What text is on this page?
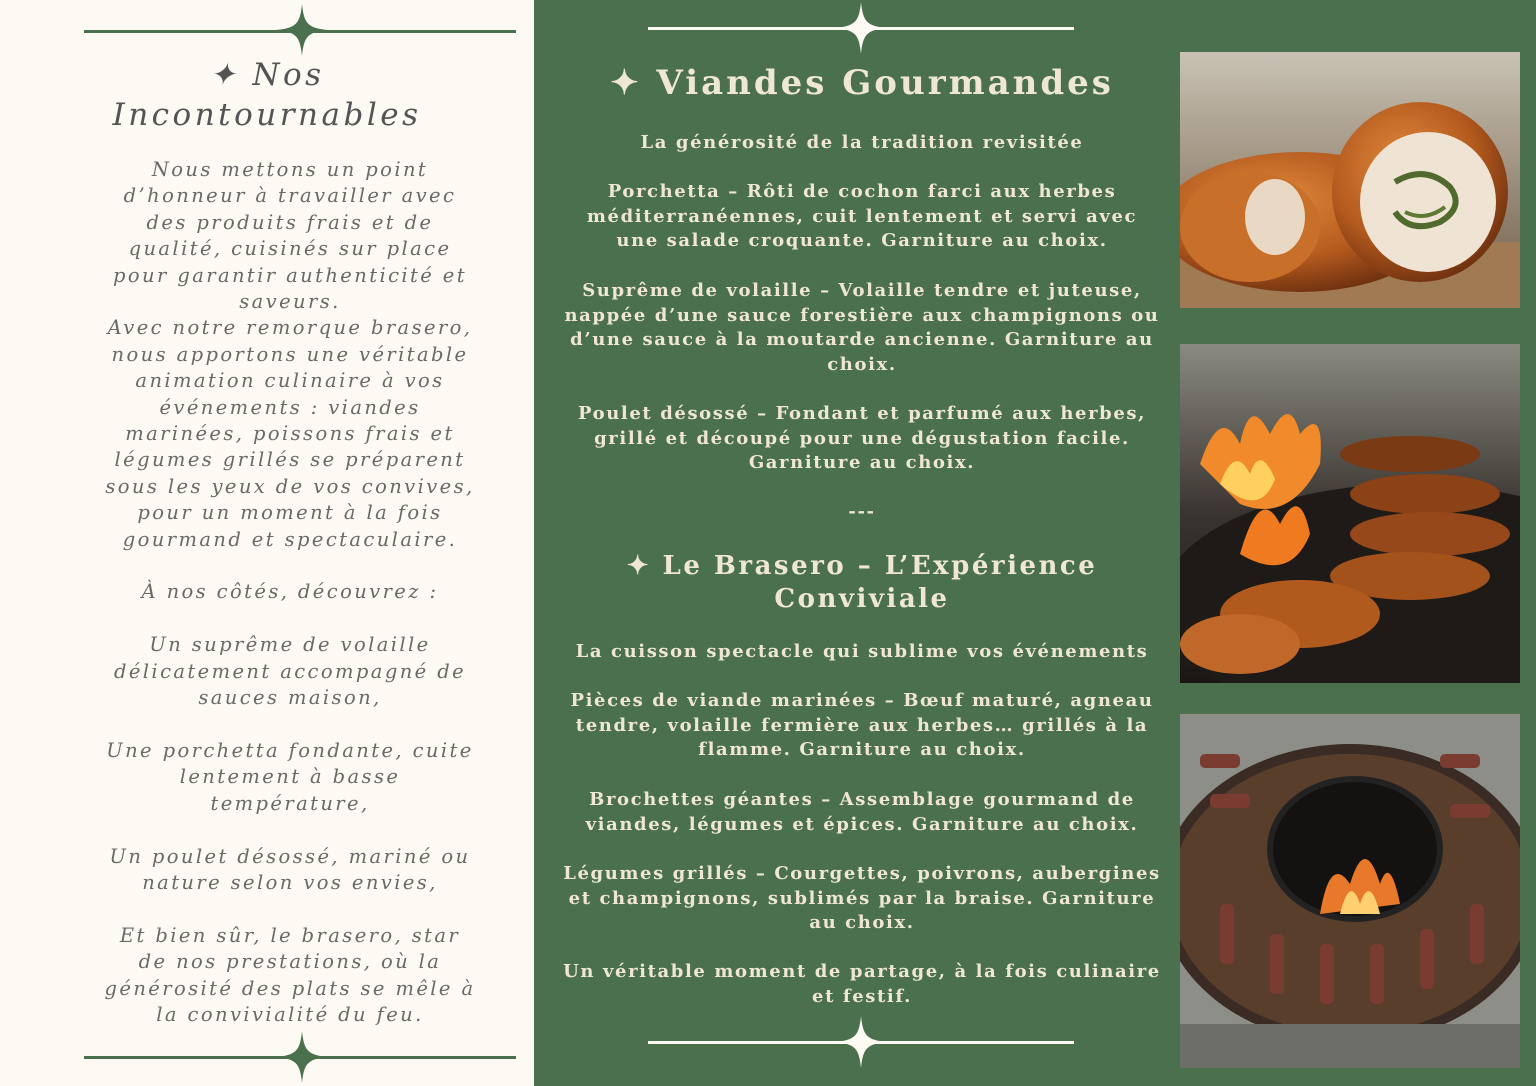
✦ Nos Incontournables

Nous mettons un point d’honneur à travailler avec des produits frais et de qualité, cuisinés sur place pour garantir authenticité et saveurs.

Avec notre remorque brasero, nous apportons une véritable animation culinaire à vos événements : viandes marinées, poissons frais et légumes grillés se préparent sous les yeux de vos convives, pour un moment à la fois gourmand et spectaculaire.

À nos côtés, découvrez :

Un suprême de volaille délicatement accompagné de sauces maison,

Une porchetta fondante, cuite lentement à basse température,

Un poulet désossé, mariné ou nature selon vos envies,

Et bien sûr, le brasero, star de nos prestations, où la générosité des plats se mêle à la convivialité du feu.

✦ Viandes Gourmandes

La générosité de la tradition revisitée

Porchetta – Rôti de cochon farci aux herbes méditerranéennes, cuit lentement et servi avec une salade croquante. Garniture au choix.

Suprême de volaille – Volaille tendre et juteuse, nappée d’une sauce forestière aux champignons ou d’une sauce à la moutarde ancienne. Garniture au choix.

Poulet désossé – Fondant et parfumé aux herbes, grillé et découpé pour une dégustation facile. Garniture au choix.

---

✦ Le Brasero – L’Expérience

Conviviale

La cuisson spectacle qui sublime vos événements

Pièces de viande marinées – Bœuf maturé, agneau tendre, volaille fermière aux herbes… grillés à la flamme. Garniture au choix.

Brochettes géantes – Assemblage gourmand de viandes, légumes et épices. Garniture au choix.

Légumes grillés – Courgettes, poivrons, aubergines et champignons, sublimés par la braise. Garniture au choix.

Un véritable moment de partage, à la fois culinaire et festif.
